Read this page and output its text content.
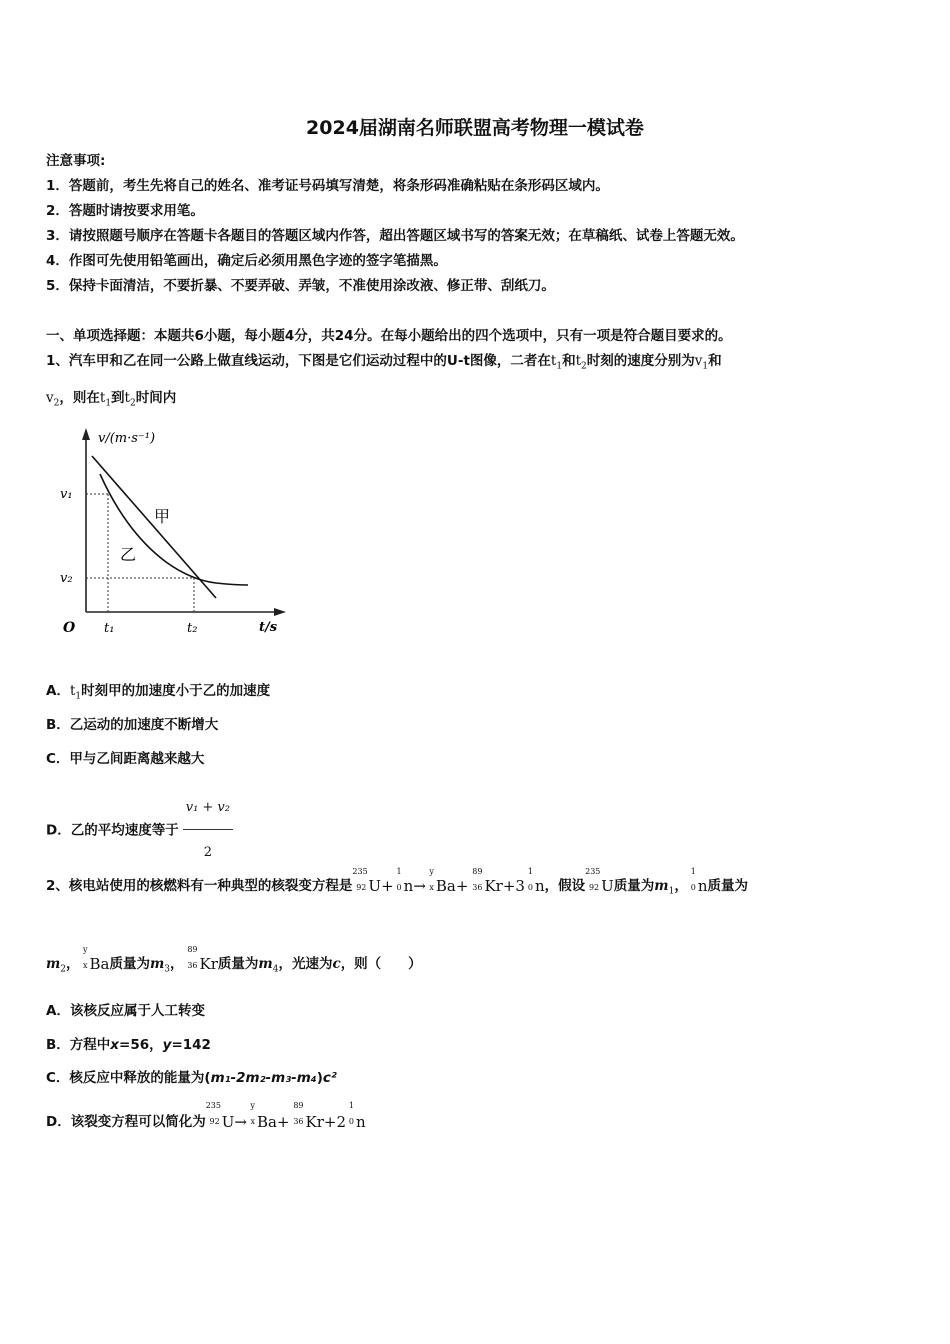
2024届湖南名师联盟高考物理一模试卷
注意事项:
1．答题前，考生先将自己的姓名、准考证号码填写清楚，将条形码准确粘贴在条形码区域内。
2．答题时请按要求用笔。
3．请按照题号顺序在答题卡各题目的答题区域内作答，超出答题区域书写的答案无效；在草稿纸、试卷上答题无效。
4．作图可先使用铅笔画出，确定后必须用黑色字迹的签字笔描黑。
5．保持卡面清洁，不要折暴、不要弄破、弄皱，不准使用涂改液、修正带、刮纸刀。
一、单项选择题：本题共6小题，每小题4分，共24分。在每小题给出的四个选项中，只有一项是符合题目要求的。
1、汽车甲和乙在同一公路上做直线运动，下图是它们运动过程中的U-t图像，二者在$t_1$和$t_2$时刻的速度分别为$v_1$和
$v_2$，则在$t_1$到$t_2$时间内
v/(m·s⁻¹)
t/s
O
v₁
v₂
t₁	t₂
甲
乙
A．$t_1$时刻甲的加速度小于乙的加速度
B．乙运动的加速度不断增大
C．甲与乙间距离越来越大
D．乙的平均速度等于 $\frac{\text{v₁ + v₂}}{2}$
2、核电站使用的核燃料有一种典型的核裂变方程是
235
92 U+
1
0 n→
y
x Ba+
89
36 Kr+3
1
0 n，假设
235
92 U质量为$m_1$，
1
0 n质量为
$m_2$，
y
x Ba质量为$m_3$，
89
36 Kr质量为$m_4$，光速为c，则（　　）
A．该核反应属于人工转变
B．方程中x=56，y=142
C．核反应中释放的能量为(m₁-2m₂-m₃-m₄)c²
D．该裂变方程可以简化为
235
92 U→
y
x Ba+
89
36 Kr+2
1
0 n
